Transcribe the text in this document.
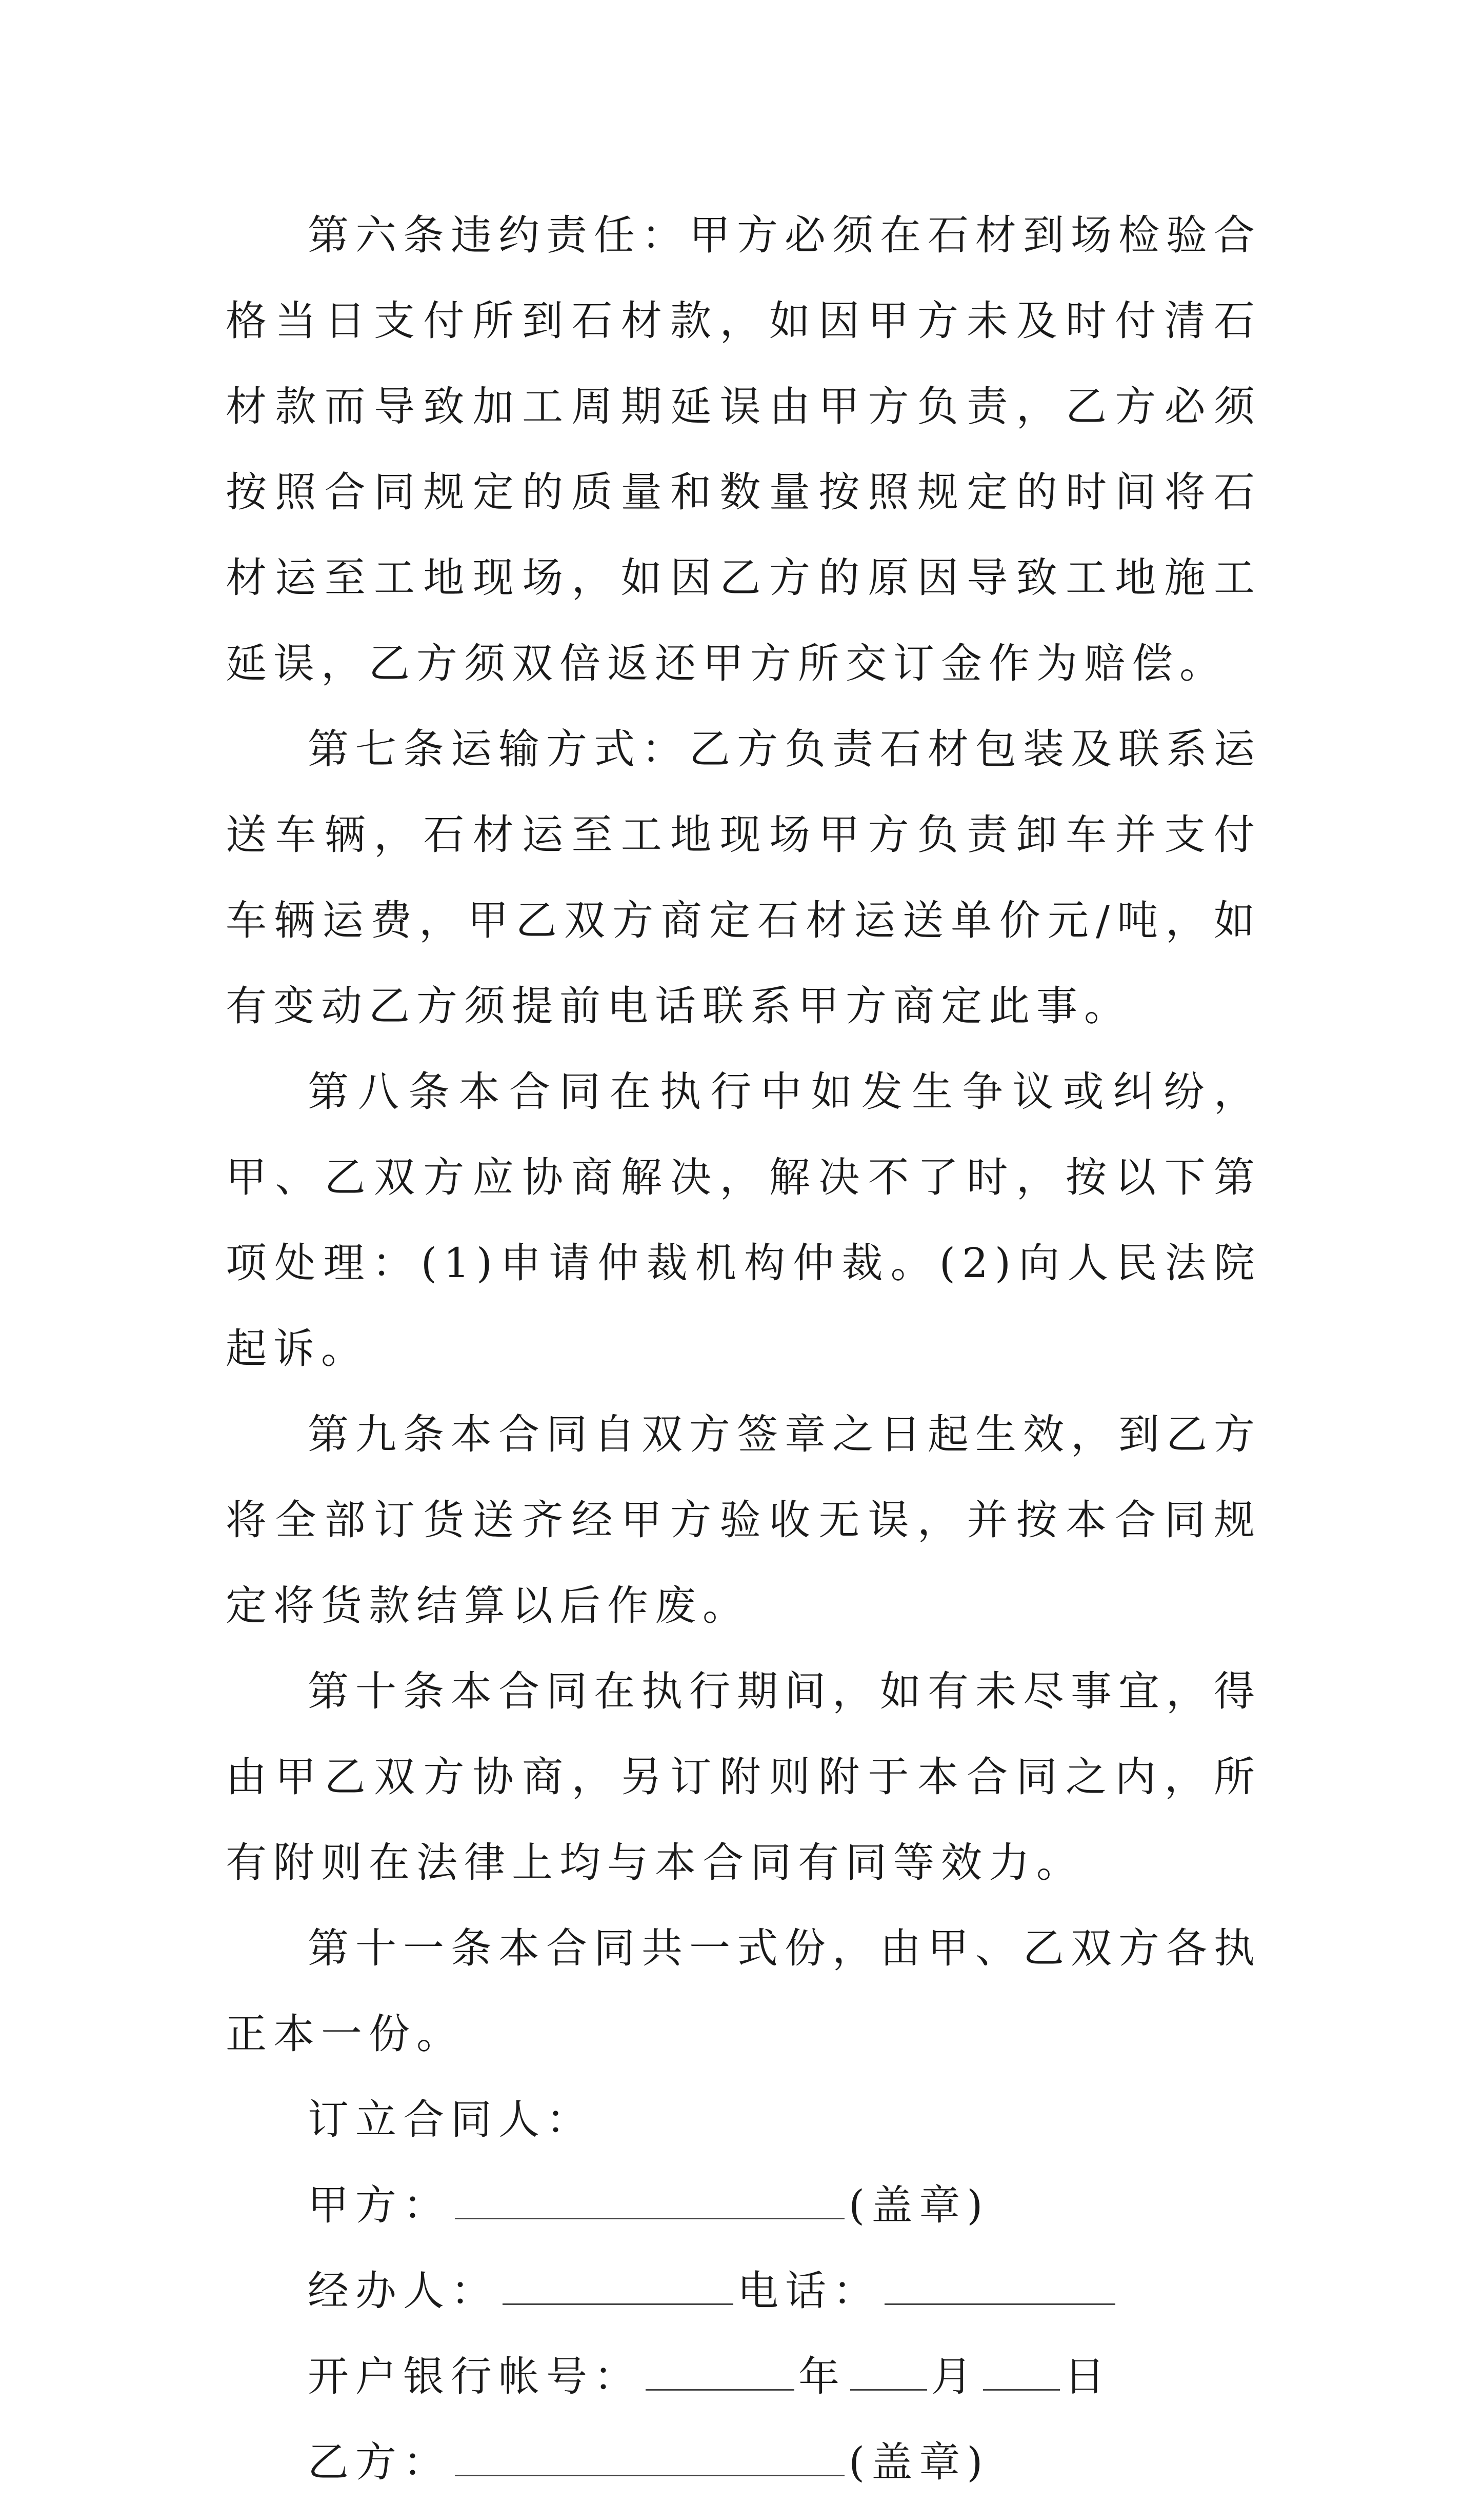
第六条违约责任：甲方必须在石材到场检验合格当日支付所到石材款，如因甲方未及时付清石材款而导致加工周期延误由甲方负责，乙方必须按照合同规定的质量和数量按照规定的时间将石材运至工地现场，如因乙方的原因导致工地施工延误，乙方须双倍返还甲方所交订金作为赔偿。

第七条运输方式：乙方负责石材包装及联系运送车辆，石材运至工地现场甲方负责卸车并支付车辆运费，甲乙双方商定石材运送单价元/吨，如有变动乙方须提前电话联系甲方商定此事。

第八条本合同在执行中如发生争议或纠纷，甲、乙双方应协商解决，解决不了时，按以下第项处理：(1)申请仲裁机构仲裁。(2)向人民法院起诉。

第九条本合同自双方签章之日起生效，到乙方将全部订货送齐经甲方验收无误，并按本合同规定将货款结算以后作废。

第十条本合同在执行期间，如有未尽事宜，得由甲乙双方协商，另订附则附于本合同之内，所有附则在法律上均与本合同有同等效力。

第十一条本合同共一式份，由甲、乙双方各执正本一份。

订立合同人：

甲方：	(盖章)

经办人：	电话：

开户银行帐号：	年 月 日

乙方：	(盖章)
